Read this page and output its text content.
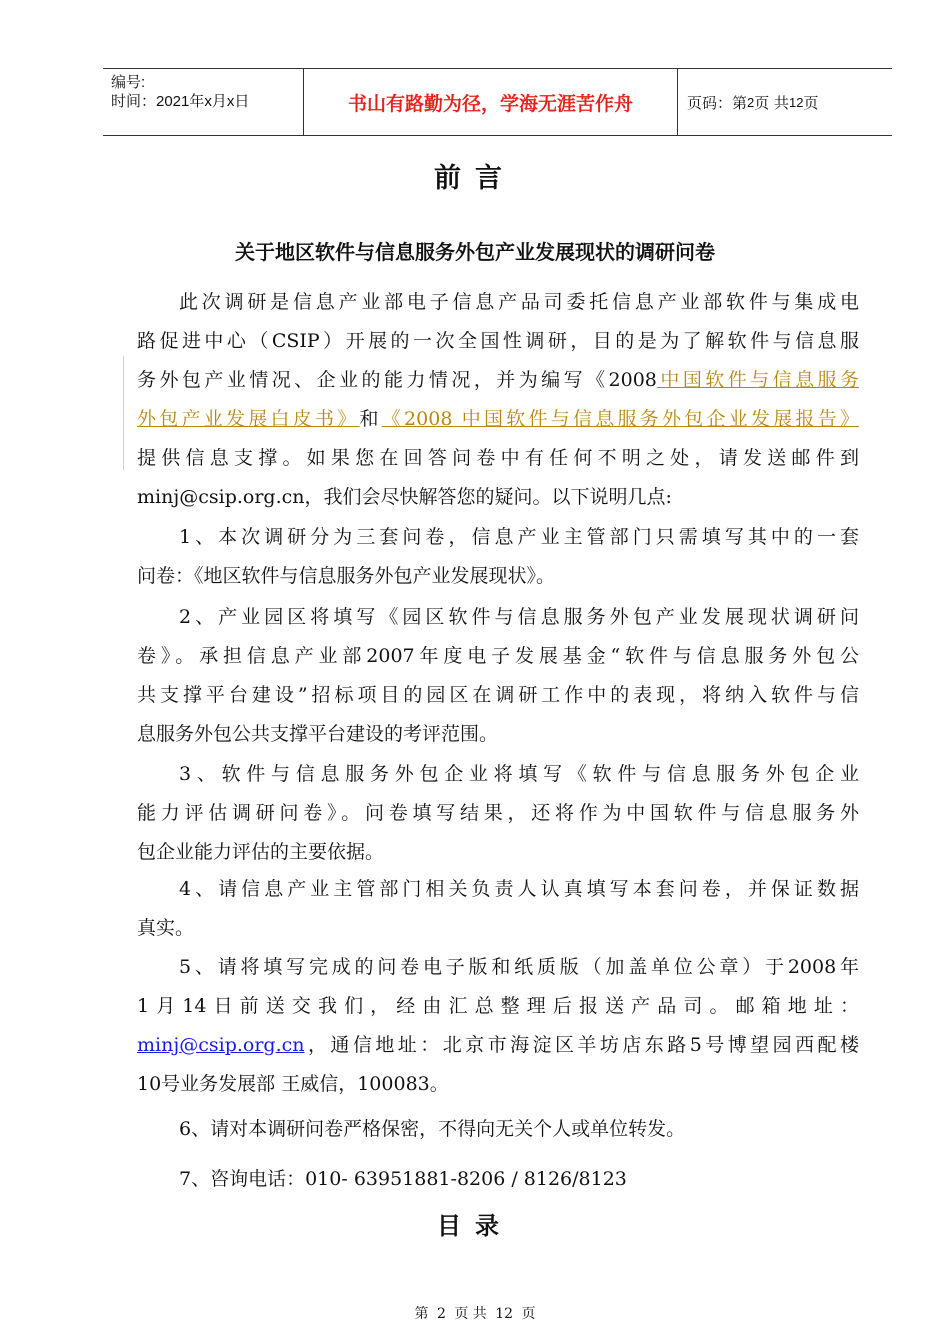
编号:
时间：2021年x月x日	书山有路勤为径，学海无涯苦作舟	页码：第 2 页 共 12 页
前言
关于地区软件与信息服务外包产业发展现状的调研问卷
此次调研是信息产业部电子信息产品司委托信息产业部软件与集成电
路促进中心（CSIP）开展的一次全国性调研，目的是为了解软件与信息服
务外包产业情况、企业的能力情况，并为编写《2008中国软件与信息服务
外包产业发展白皮书》和《2008 中国软件与信息服务外包企业发展报告》
提供信息支撑。如果您在回答问卷中有任何不明之处，请发送邮件到
minj@csip.org.cn，我们会尽快解答您的疑问。以下说明几点:
1、本次调研分为三套问卷，信息产业主管部门只需填写其中的一套
问卷：《地区软件与信息服务外包产业发展现状》。
2、产业园区将填写《园区软件与信息服务外包产业发展现状调研问
卷》。承担信息产业部2007年度电子发展基金“软件与信息服务外包公
共支撑平台建设”招标项目的园区在调研工作中的表现，将纳入软件与信
息服务外包公共支撑平台建设的考评范围。
3、软件与信息服务外包企业将填写《软件与信息服务外包企业
能力评估调研问卷》。问卷填写结果，还将作为中国软件与信息服务外
包企业能力评估的主要依据。
4、请信息产业主管部门相关负责人认真填写本套问卷，并保证数据
真实。
5、请将填写完成的问卷电子版和纸质版（加盖单位公章）于2008年
1月14日前送交我们，经由汇总整理后报送产品司。邮箱地址：
minj@csip.org.cn，通信地址：北京市海淀区羊坊店东路5号博望园西配楼
10号业务发展部 王威信，100083。
6、请对本调研问卷严格保密，不得向无关个人或单位转发。
7、咨询电话：010- 63951881-8206 / 8126/8123
目录
第 2 页 共 12 页
